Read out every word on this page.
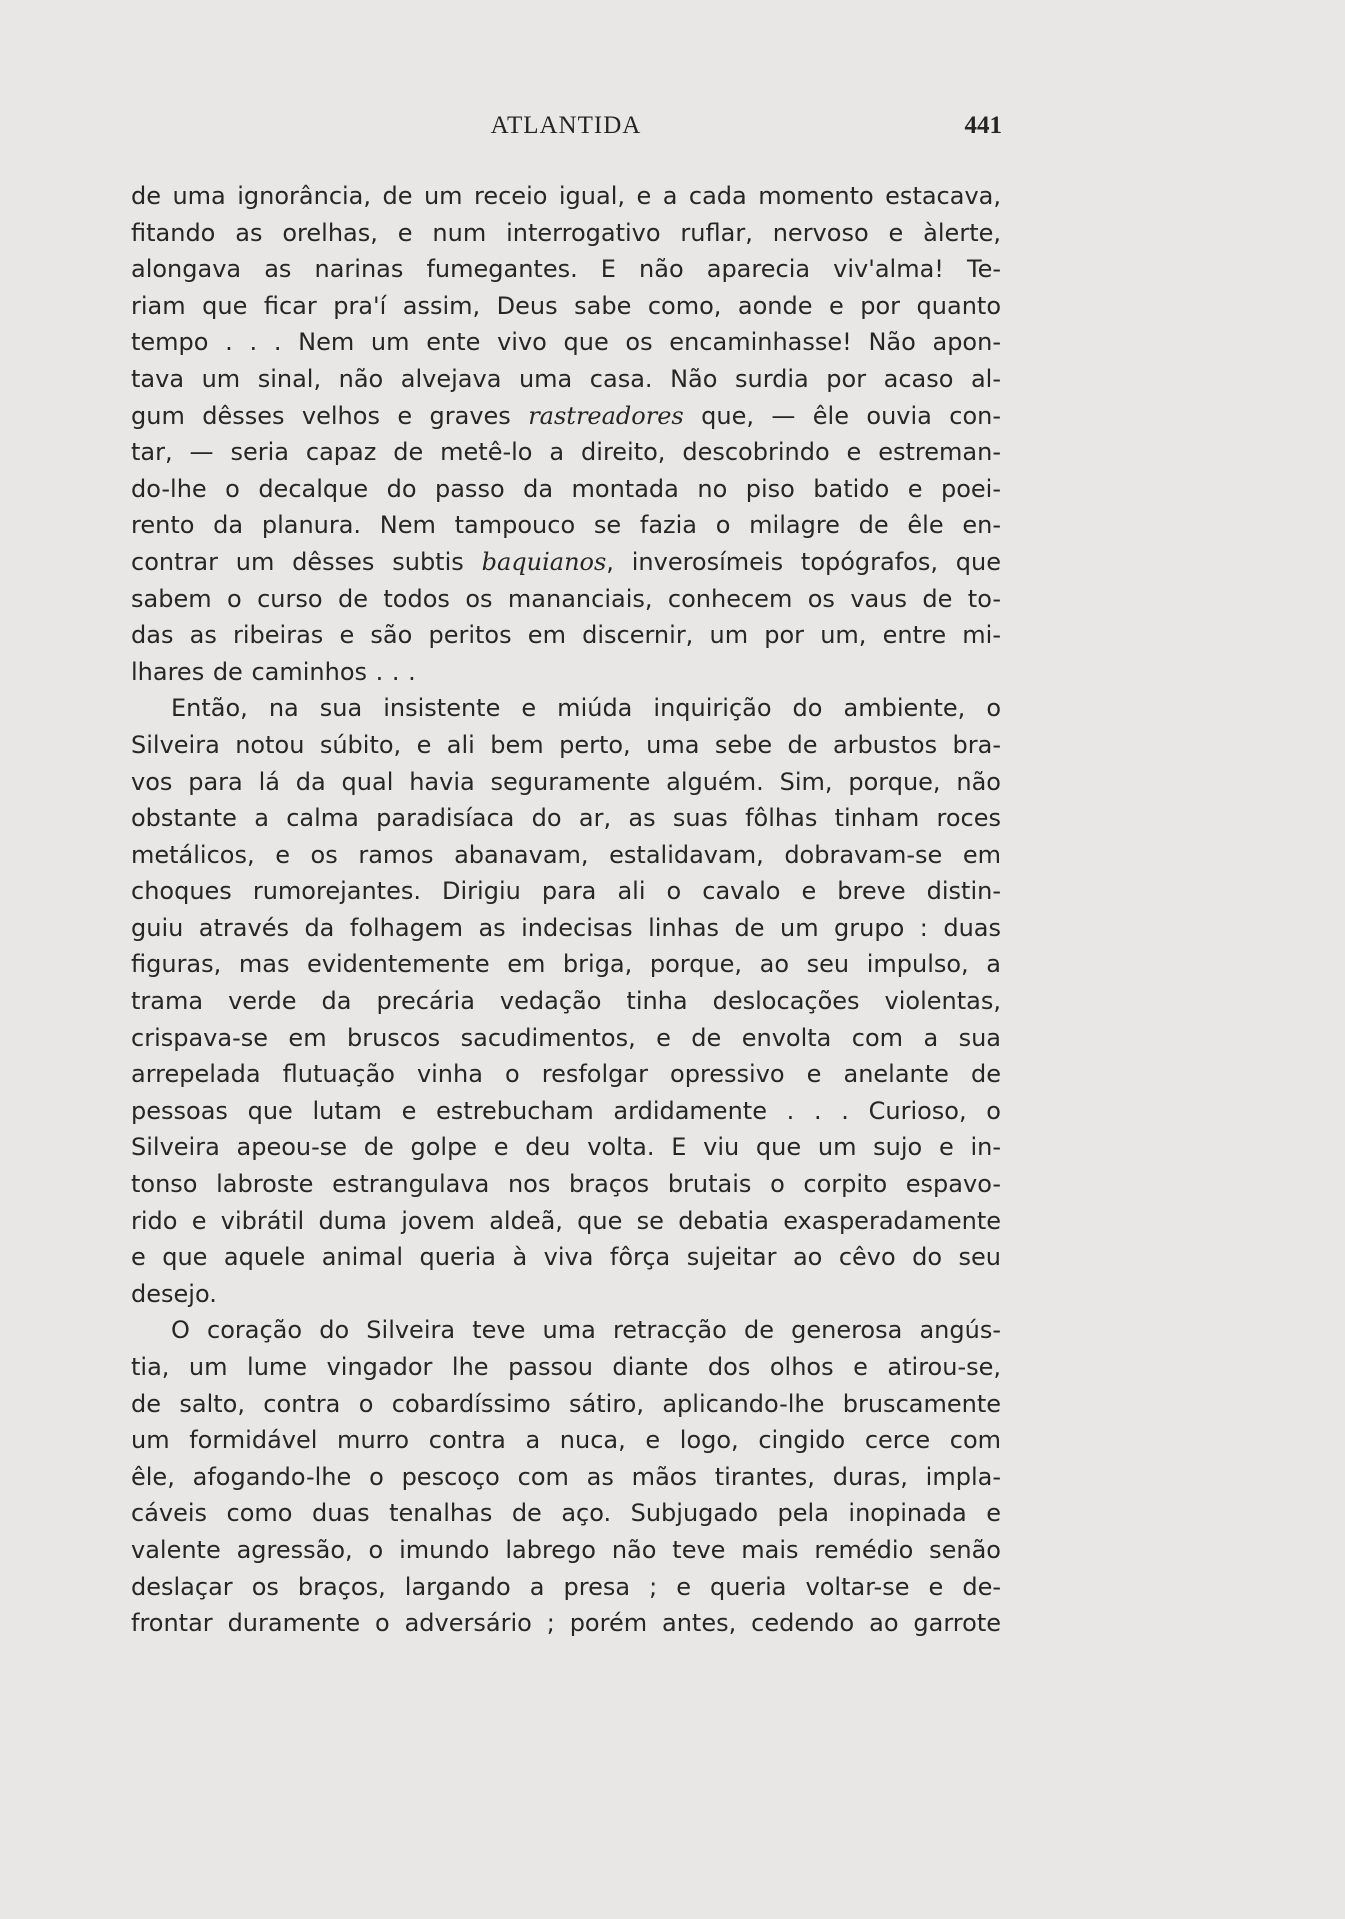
ATLANTIDA	441
de uma ignorância, de um receio igual, e a cada momento estacava,
fitando as orelhas, e num interrogativo ruflar, nervoso e àlerte,
alongava as narinas fumegantes. E não aparecia viv'alma! Te-
riam que ficar pra'í assim, Deus sabe como, aonde e por quanto
tempo . . . Nem um ente vivo que os encaminhasse! Não apon-
tava um sinal, não alvejava uma casa. Não surdia por acaso al-
gum dêsses velhos e graves rastreadores que, — êle ouvia con-
tar, — seria capaz de metê-lo a direito, descobrindo e estreman-
do-lhe o decalque do passo da montada no piso batido e poei-
rento da planura. Nem tampouco se fazia o milagre de êle en-
contrar um dêsses subtis baquianos, inverosímeis topógrafos, que
sabem o curso de todos os mananciais, conhecem os vaus de to-
das as ribeiras e são peritos em discernir, um por um, entre mi-
lhares de caminhos . . .
Então, na sua insistente e miúda inquirição do ambiente, o
Silveira notou súbito, e ali bem perto, uma sebe de arbustos bra-
vos para lá da qual havia seguramente alguém. Sim, porque, não
obstante a calma paradisíaca do ar, as suas fôlhas tinham roces
metálicos, e os ramos abanavam, estalidavam, dobravam-se em
choques rumorejantes. Dirigiu para ali o cavalo e breve distin-
guiu através da folhagem as indecisas linhas de um grupo : duas
figuras, mas evidentemente em briga, porque, ao seu impulso, a
trama verde da precária vedação tinha deslocações violentas,
crispava-se em bruscos sacudimentos, e de envolta com a sua
arrepelada flutuação vinha o resfolgar opressivo e anelante de
pessoas que lutam e estrebucham ardidamente . . . Curioso, o
Silveira apeou-se de golpe e deu volta. E viu que um sujo e in-
tonso labroste estrangulava nos braços brutais o corpito espavo-
rido e vibrátil duma jovem aldeã, que se debatia exasperadamente
e que aquele animal queria à viva fôrça sujeitar ao cêvo do seu
desejo.
O coração do Silveira teve uma retracção de generosa angús-
tia, um lume vingador lhe passou diante dos olhos e atirou-se,
de salto, contra o cobardíssimo sátiro, aplicando-lhe bruscamente
um formidável murro contra a nuca, e logo, cingido cerce com
êle, afogando-lhe o pescoço com as mãos tirantes, duras, impla-
cáveis como duas tenalhas de aço. Subjugado pela inopinada e
valente agressão, o imundo labrego não teve mais remédio senão
deslaçar os braços, largando a presa ; e queria voltar-se e de-
frontar duramente o adversário ; porém antes, cedendo ao garrote
